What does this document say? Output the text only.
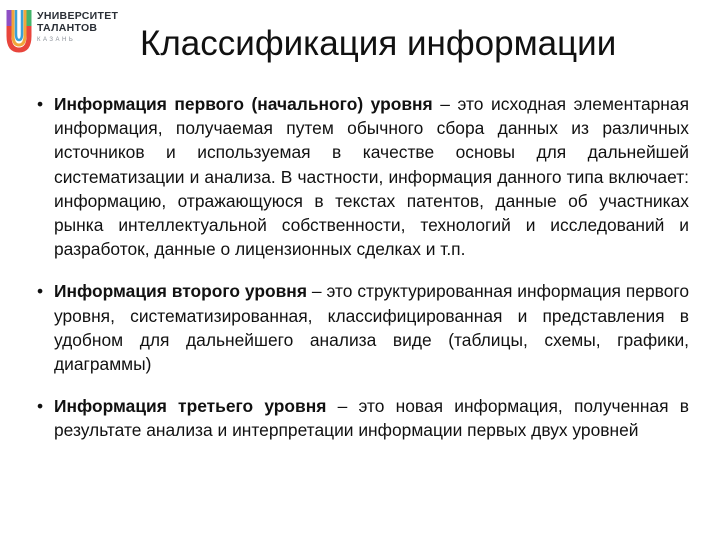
УНИВЕРСИТЕТ
ТАЛАНТОВ
КАЗАНЬ	Классификация информации

• Информация первого (начального) уровня – это исходная элементарная информация, получаемая путем обычного сбора данных из различных источников и используемая в качестве основы для дальнейшей систематизации и анализа. В частности, информация данного типа включает: информацию, отражающуюся в текстах патентов, данные об участниках рынка интеллектуальной собственности, технологий и исследований и разработок, данные о лицензионных сделках и т.п.

• Информация второго уровня – это структурированная информация первого уровня, систематизированная, классифицированная и представления в удобном для дальнейшего анализа виде (таблицы, схемы, графики, диаграммы)

• Информация третьего уровня – это новая информация, полученная в результате анализа и интерпретации информации первых двух уровней
